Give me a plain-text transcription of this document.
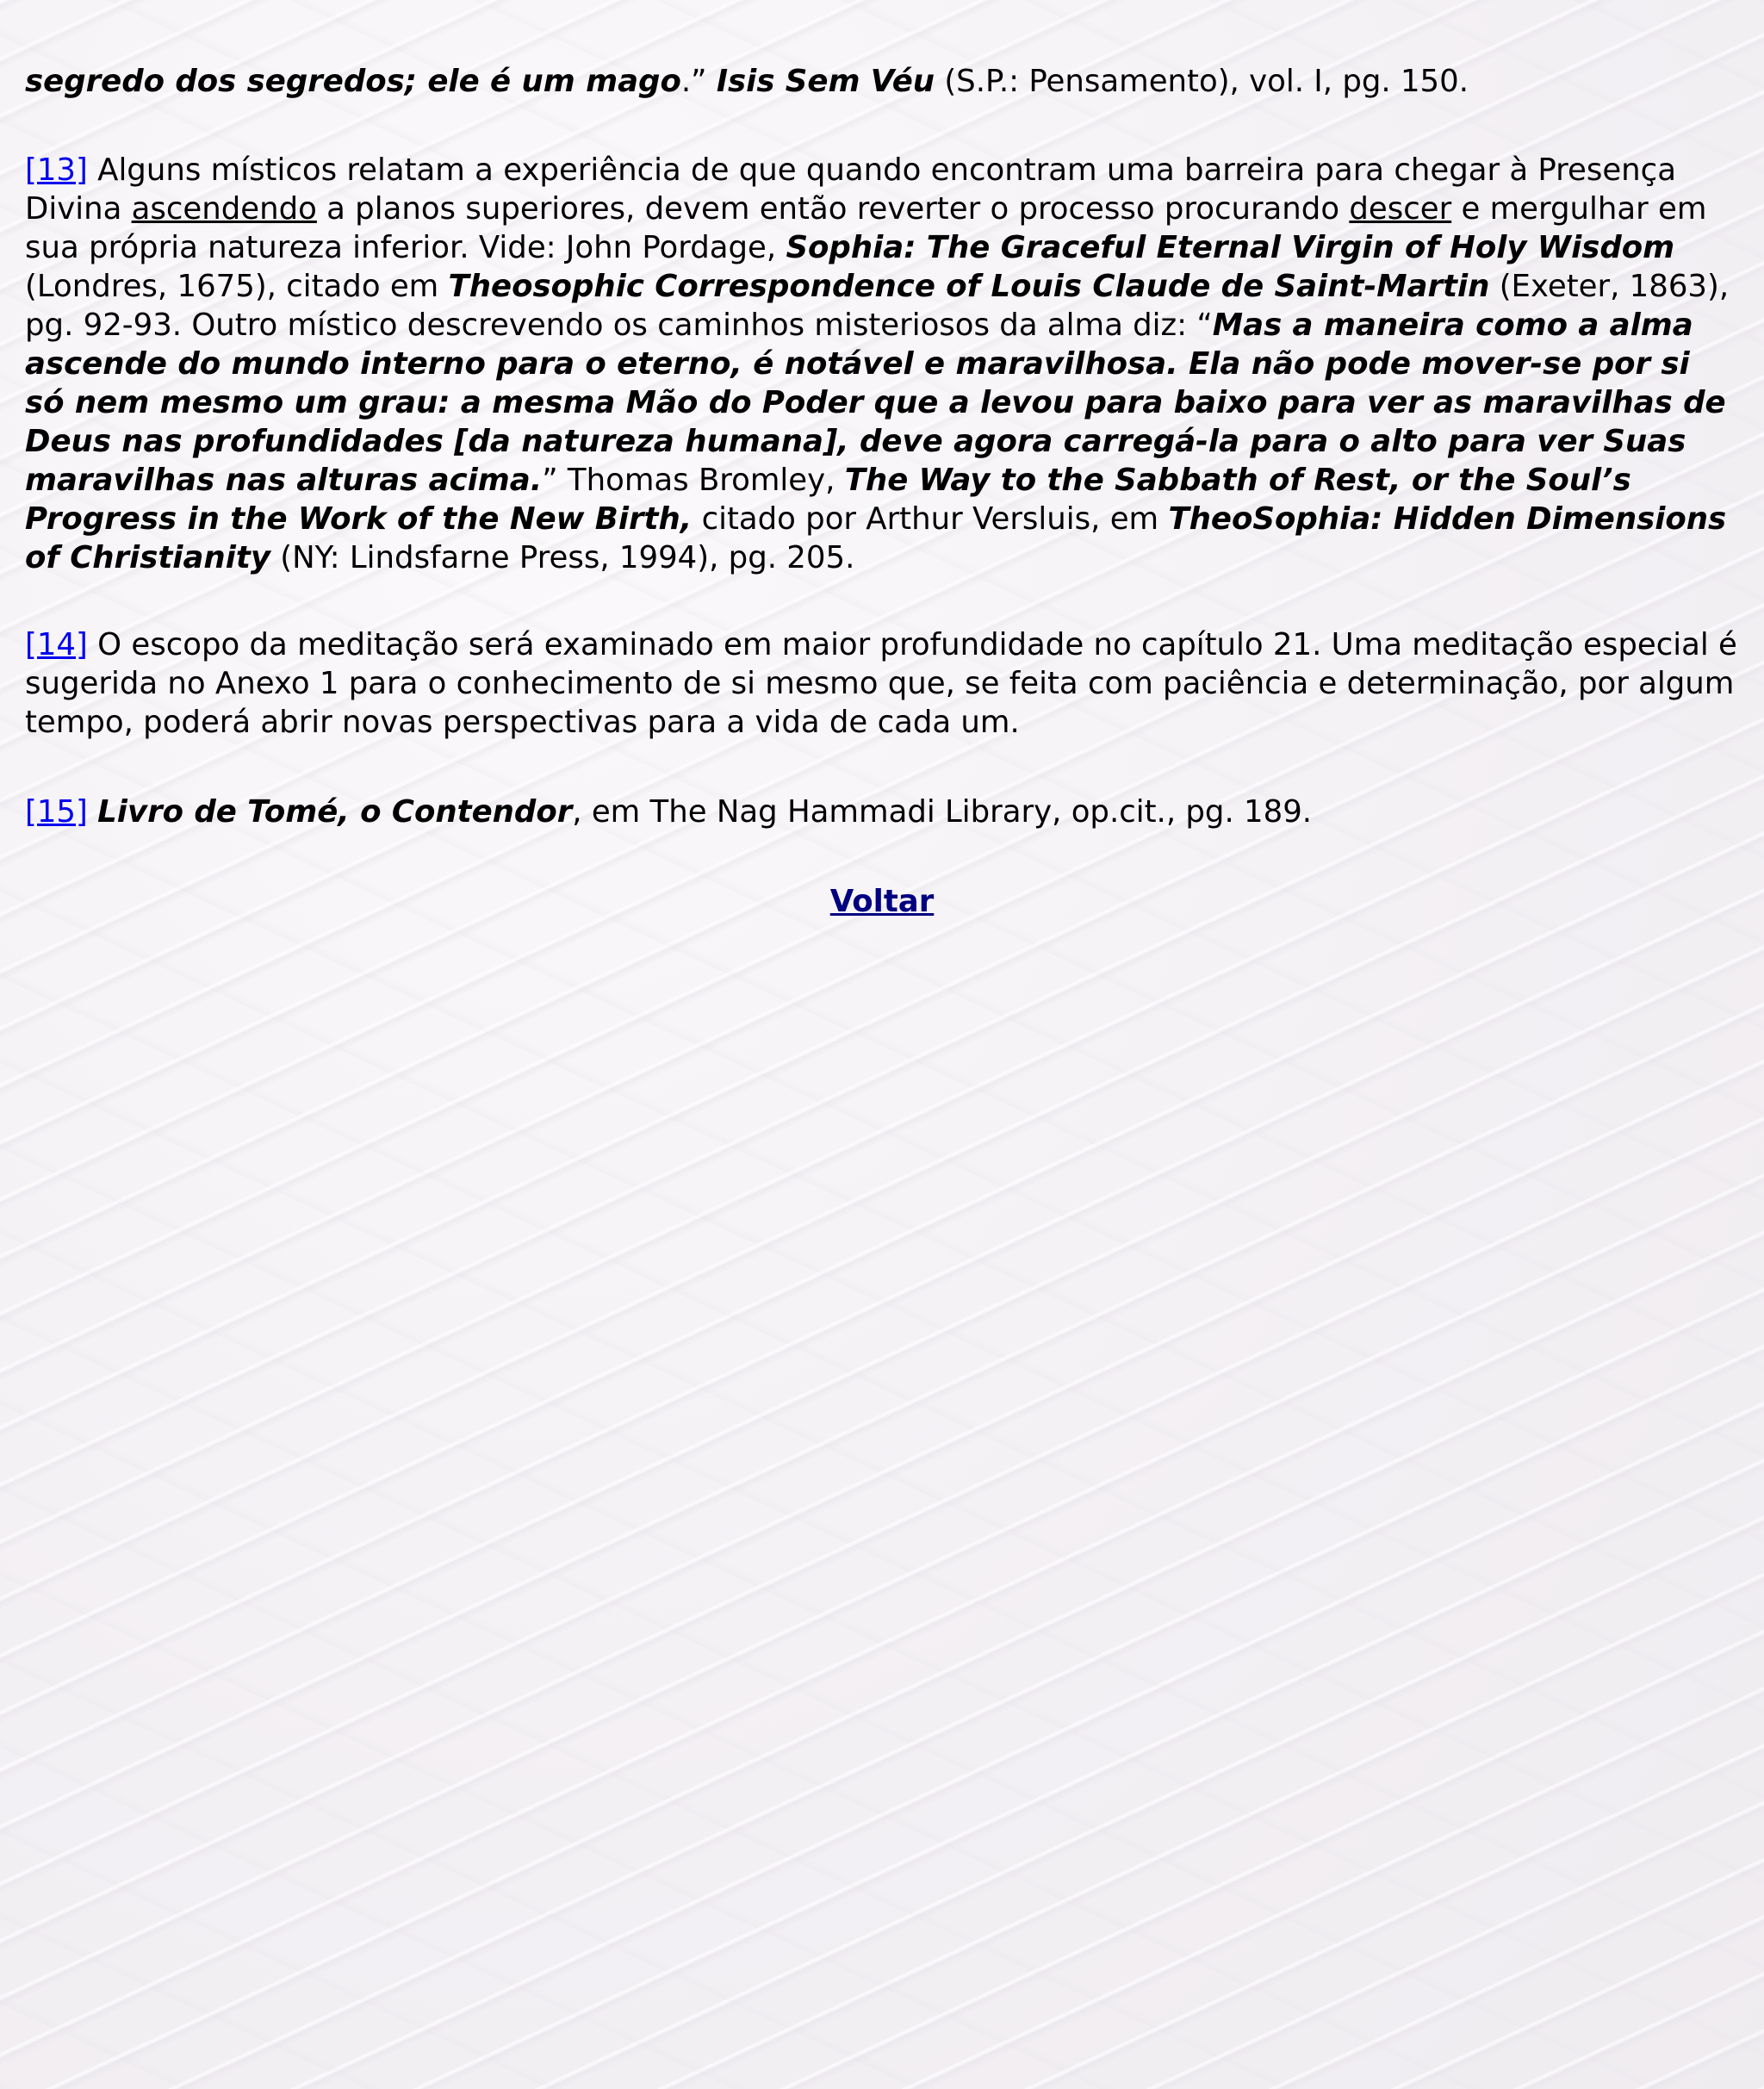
segredo dos segredos; ele é um mago.” Isis Sem Véu (S.P.: Pensamento), vol. I, pg. 150.

[13] Alguns místicos relatam a experiência de que quando encontram uma barreira para chegar à Presença Divina ascendendo a planos superiores, devem então reverter o processo procurando descer e mergulhar em sua própria natureza inferior. Vide: John Pordage, Sophia: The Graceful Eternal Virgin of Holy Wisdom (Londres, 1675), citado em Theosophic Correspondence of Louis Claude de Saint-Martin (Exeter, 1863), pg. 92-93. Outro místico descrevendo os caminhos misteriosos da alma diz: “Mas a maneira como a alma ascende do mundo interno para o eterno, é notável e maravilhosa. Ela não pode mover-se por si só nem mesmo um grau: a mesma Mão do Poder que a levou para baixo para ver as maravilhas de Deus nas profundidades [da natureza humana], deve agora carregá-la para o alto para ver Suas maravilhas nas alturas acima.” Thomas Bromley, The Way to the Sabbath of Rest, or the Soul’s Progress in the Work of the New Birth, citado por Arthur Versluis, em TheoSophia: Hidden Dimensions of Christianity (NY: Lindsfarne Press, 1994), pg. 205.

[14] O escopo da meditação será examinado em maior profundidade no capítulo 21. Uma meditação especial é sugerida no Anexo 1 para o conhecimento de si mesmo que, se feita com paciência e determinação, por algum tempo, poderá abrir novas perspectivas para a vida de cada um.

[15] Livro de Tomé, o Contendor, em The Nag Hammadi Library, op.cit., pg. 189.

Voltar
